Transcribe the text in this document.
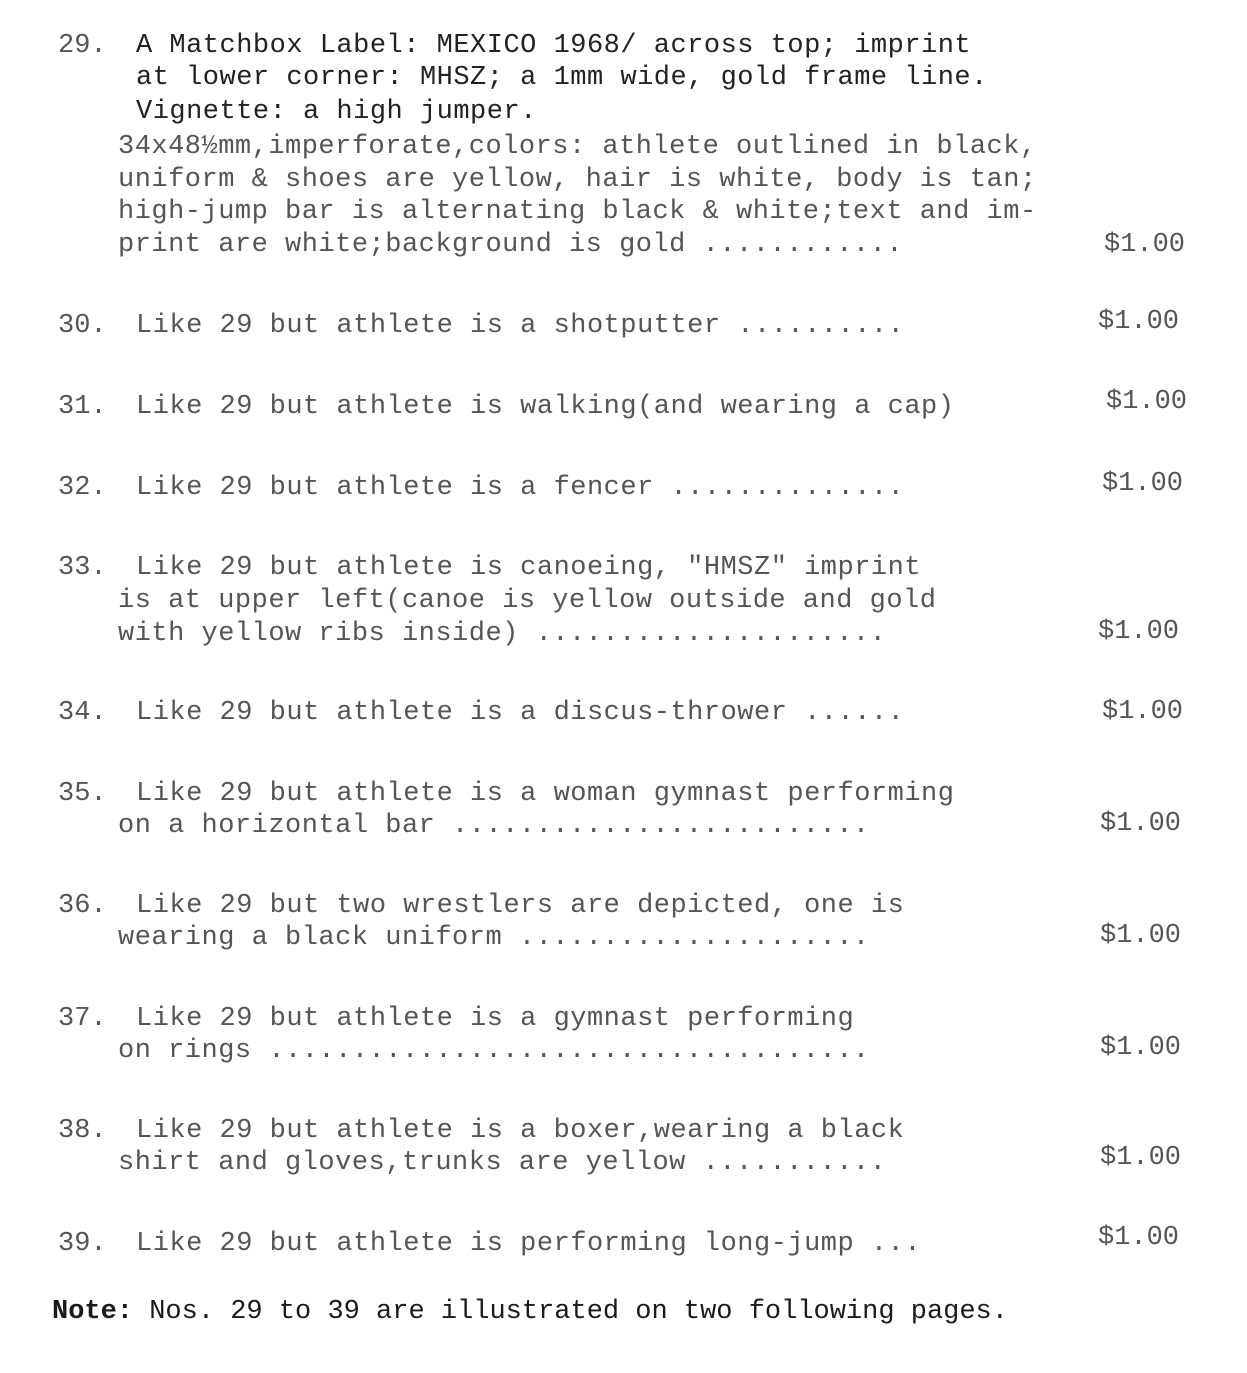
29. A Matchbox Label: MEXICO 1968/ across top; imprint
at lower corner: MHSZ; a 1mm wide, gold frame line.
Vignette: a high jumper.
34x48½mm,imperforate,colors: athlete outlined in black,
uniform & shoes are yellow, hair is white, body is tan;
high-jump bar is alternating black & white;text and im-
print are white;background is gold ............	$1.00
30. Like 29 but athlete is a shotputter ..........	$1.00
31. Like 29 but athlete is walking(and wearing a cap)	$1.00
32. Like 29 but athlete is a fencer ..............	$1.00
33. Like 29 but athlete is canoeing, "HMSZ" imprint
is at upper left(canoe is yellow outside and gold
with yellow ribs inside) .....................	$1.00
34. Like 29 but athlete is a discus-thrower ......	$1.00
35. Like 29 but athlete is a woman gymnast performing
on a horizontal bar .........................	$1.00
36. Like 29 but two wrestlers are depicted, one is
wearing a black uniform .....................	$1.00
37. Like 29 but athlete is a gymnast performing
on rings ....................................	$1.00
38. Like 29 but athlete is a boxer,wearing a black
shirt and gloves,trunks are yellow ...........	$1.00
39. Like 29 but athlete is performing long-jump ...	$1.00
Note: Nos. 29 to 39 are illustrated on two following pages.
